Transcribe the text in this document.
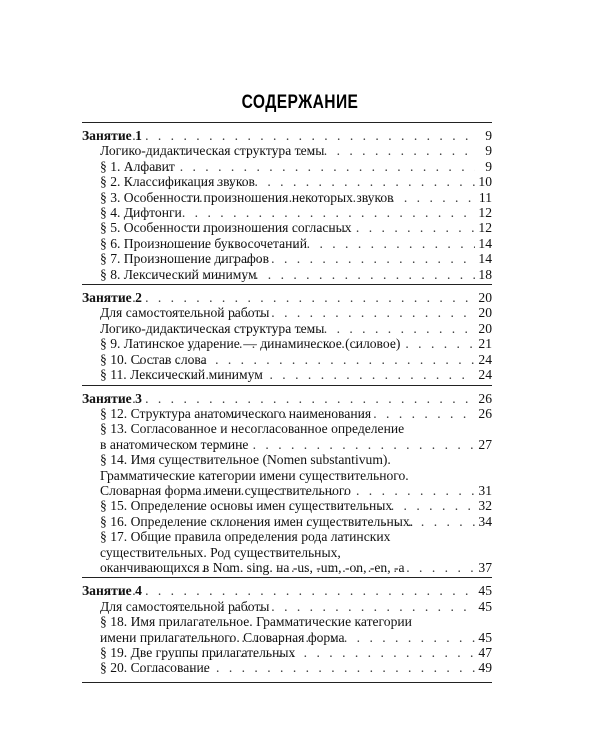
СОДЕРЖАНИЕ
Занятие 1 . . .	9
Логико-дидактическая структура темы . . .	9
§ 1. Алфавит . . .	9
§ 2. Классификация звуков . . .	10
§ 3. Особенности произношения некоторых звуков . . .	11
§ 4. Дифтонги . . .	12
§ 5. Особенности произношения согласных . . .	12
§ 6. Произношение буквосочетаний . . .	14
§ 7. Произношение диграфов . . .	14
§ 8. Лексический минимум . . .	18
Занятие 2 . . .	20
Для самостоятельной работы . . .	20
Логико-дидактическая структура темы . . .	20
§ 9. Латинское ударение — динамическое (силовое) . . .	21
§ 10. Состав слова . . .	24
§ 11. Лексический минимум . . .	24
Занятие 3 . . .	26
§ 12. Структура анатомического наименования . . .	26
§ 13. Согласованное и несогласованное определение
в анатомическом термине . . .	27
§ 14. Имя существительное (Nomen substantivum).
Грамматические категории имени существительного.
Словарная форма имени существительного . . .	31
§ 15. Определение основы имен существительных . . .	32
§ 16. Определение склонения имен существительных. . . .	34
§ 17. Общие правила определения рода латинских
существительных. Род существительных,
оканчивающихся в Nom. sing. на -us, -um, -on, -en, -a . . .	37
Занятие 4 . . .	45
Для самостоятельной работы . . .	45
§ 18. Имя прилагательное. Грамматические категории
имени прилагательного. Словарная форма . . .	45
§ 19. Две группы прилагательных . . .	47
§ 20. Согласование . . .	49
